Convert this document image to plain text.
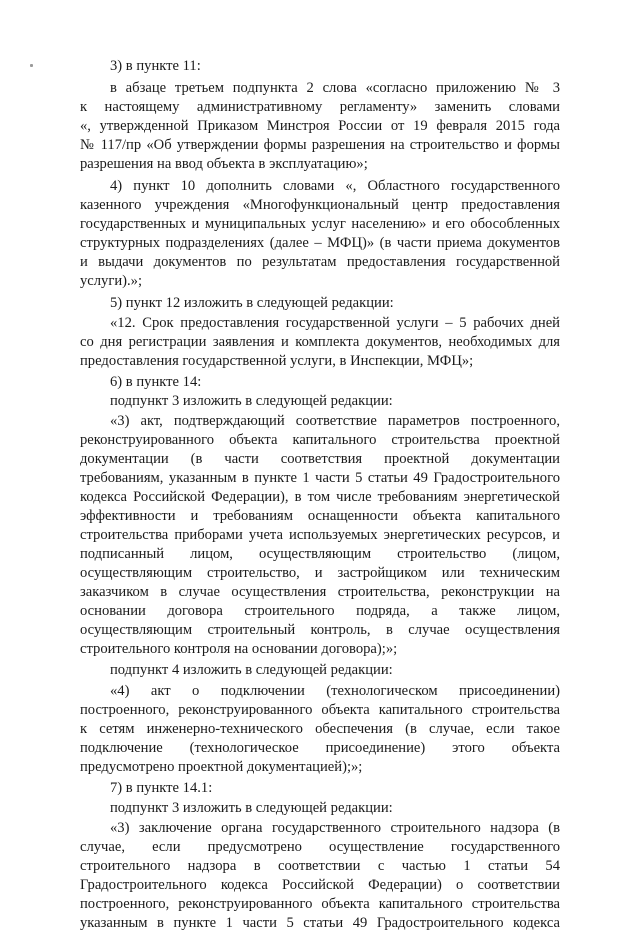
3) в пункте 11:
в абзаце третьем подпункта 2 слова «согласно приложению № 3
к настоящему административному регламенту» заменить словами
«, утвержденной Приказом Минстроя России от 19 февраля 2015 года
№ 117/пр «Об утверждении формы разрешения на строительство и формы
разрешения на ввод объекта в эксплуатацию»;
4) пункт 10 дополнить словами «, Областного государственного
казенного учреждения «Многофункциональный центр предоставления
государственных и муниципальных услуг населению» и его обособленных
структурных подразделениях (далее – МФЦ)» (в части приема документов
и выдачи документов по результатам предоставления государственной
услуги).»;
5) пункт 12 изложить в следующей редакции:
«12. Срок предоставления государственной услуги – 5 рабочих дней
со дня регистрации заявления и комплекта документов, необходимых для
предоставления государственной услуги, в Инспекции, МФЦ»;
6) в пункте 14:
подпункт 3 изложить в следующей редакции:
«3) акт, подтверждающий соответствие параметров построенного,
реконструированного объекта капитального строительства проектной
документации (в части соответствия проектной документации
требованиям, указанным в пункте 1 части 5 статьи 49 Градостроительного
кодекса Российской Федерации), в том числе требованиям энергетической
эффективности и требованиям оснащенности объекта капитального
строительства приборами учета используемых энергетических ресурсов, и
подписанный лицом, осуществляющим строительство (лицом,
осуществляющим строительство, и застройщиком или техническим
заказчиком в случае осуществления строительства, реконструкции на
основании договора строительного подряда, а также лицом,
осуществляющим строительный контроль, в случае осуществления
строительного контроля на основании договора);»;
подпункт 4 изложить в следующей редакции:
«4) акт о подключении (технологическом присоединении)
построенного, реконструированного объекта капитального строительства
к сетям инженерно-технического обеспечения (в случае, если такое
подключение (технологическое присоединение) этого объекта
предусмотрено проектной документацией);»;
7) в пункте 14.1:
подпункт 3 изложить в следующей редакции:
«3) заключение органа государственного строительного надзора (в
случае, если предусмотрено осуществление государственного
строительного надзора в соответствии с частью 1 статьи 54
Градостроительного кодекса Российской Федерации) о соответствии
построенного, реконструированного объекта капитального строительства
указанным в пункте 1 части 5 статьи 49 Градостроительного кодекса
